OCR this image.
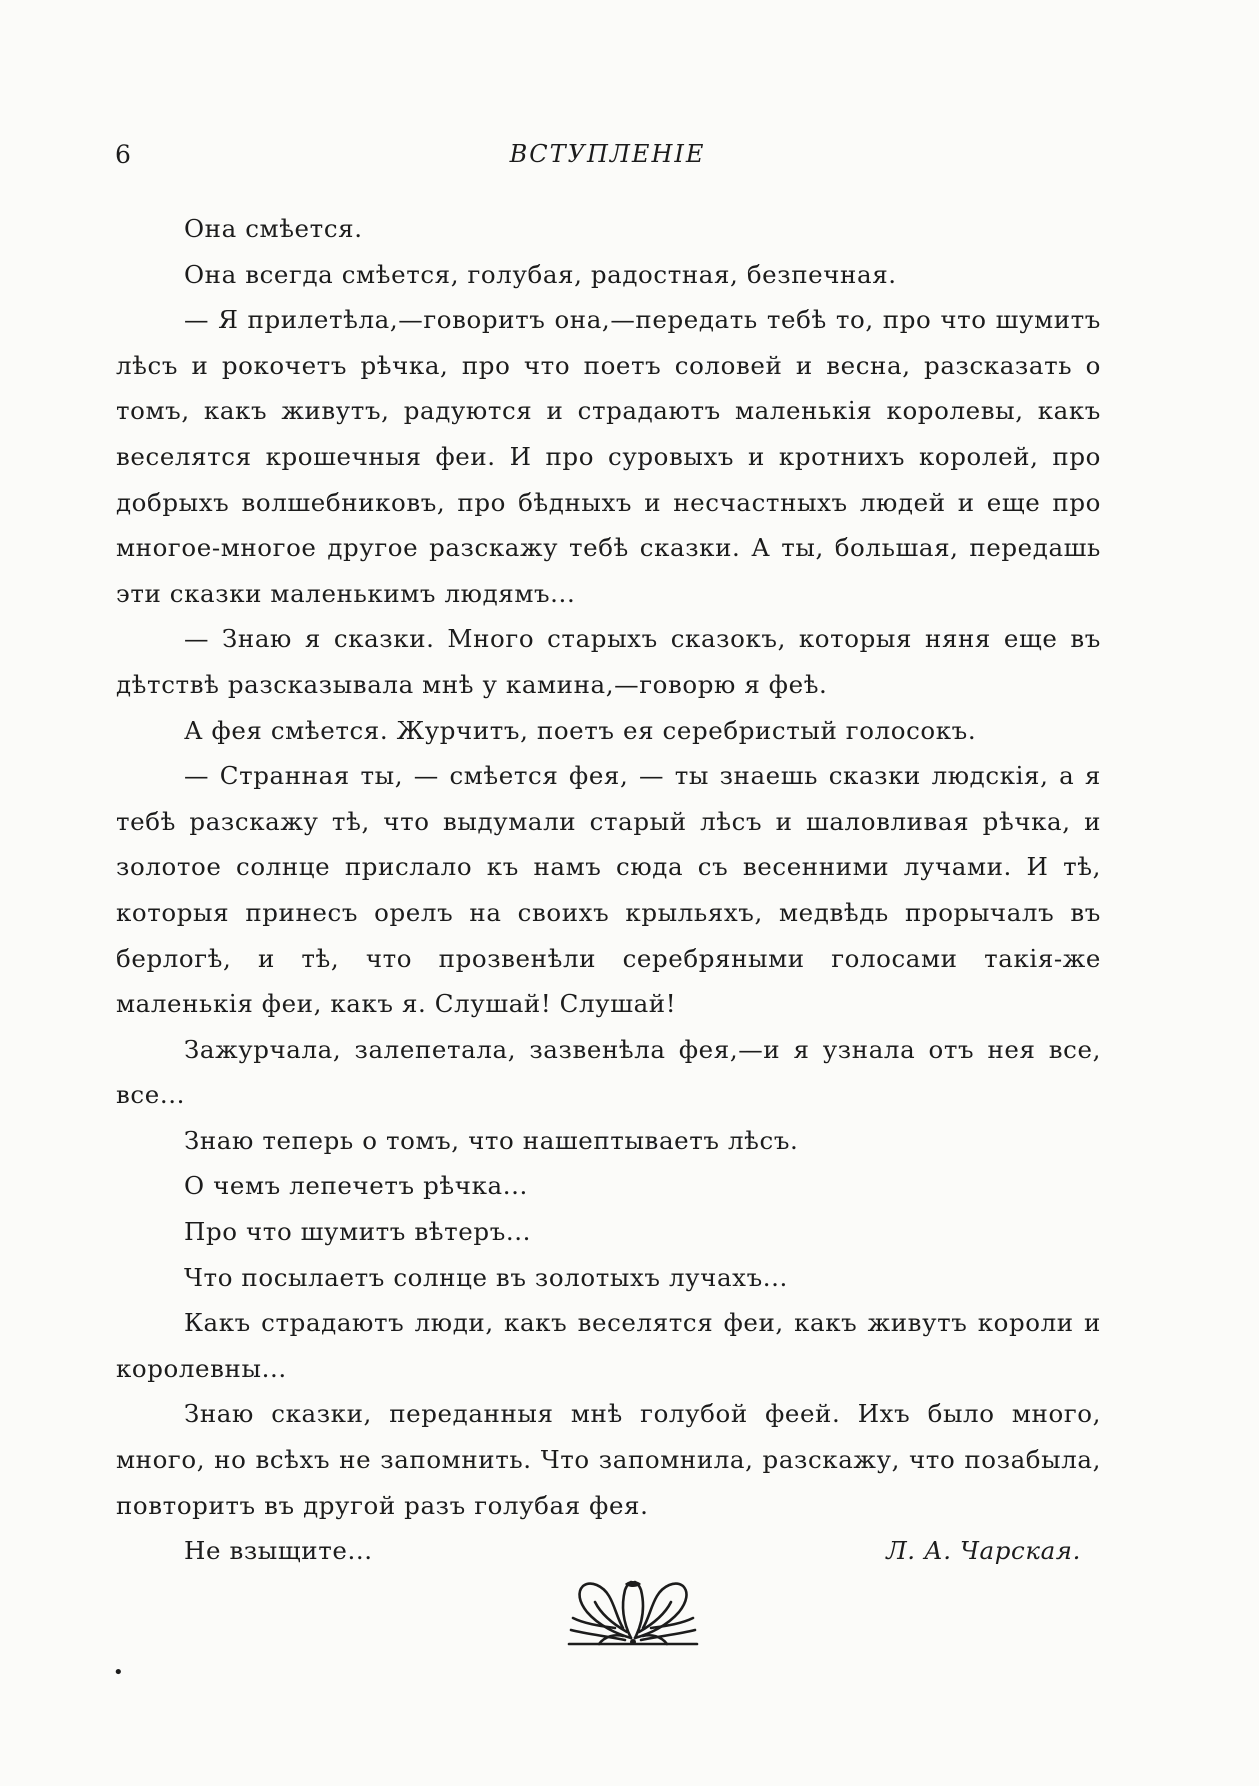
6	ВСТУПЛЕНІЕ

Она смѣется.

Она всегда смѣется, голубая, радостная, безпечная.

— Я прилетѣла,—говоритъ она,—передать тебѣ то, про что шумитъ лѣсъ и рокочетъ рѣчка, про что поетъ соловей и весна, разсказать о томъ, какъ живутъ, радуются и страдаютъ маленькія королевы, какъ веселятся крошечныя феи. И про суровыхъ и кротнихъ королей, про добрыхъ волшебниковъ, про бѣдныхъ и несчастныхъ людей и еще про многое-многое другое разскажу тебѣ сказки. А ты, большая, передашь эти сказки маленькимъ людямъ...

— Знаю я сказки. Много старыхъ сказокъ, которыя няня еще въ дѣтствѣ разсказывала мнѣ у камина,—говорю я феѣ.

А фея смѣется. Журчитъ, поетъ ея серебристый голосокъ.

— Странная ты, — смѣется фея, — ты знаешь сказки людскія, а я тебѣ разскажу тѣ, что выдумали старый лѣсъ и шаловливая рѣчка, и золотое солнце прислало къ намъ сюда съ весенними лучами. И тѣ, которыя принесъ орелъ на своихъ крыльяхъ, медвѣдь прорычалъ въ берлогѣ, и тѣ, что прозвенѣли серебряными голосами такія-же маленькія феи, какъ я. Слушай! Слушай!

Зажурчала, залепетала, зазвенѣла фея,—и я узнала отъ нея все, все...

Знаю теперь о томъ, что нашептываетъ лѣсъ.

О чемъ лепечетъ рѣчка...

Про что шумитъ вѣтеръ...

Что посылаетъ солнце въ золотыхъ лучахъ...

Какъ страдаютъ люди, какъ веселятся феи, какъ живутъ короли и королевны...

Знаю сказки, переданныя мнѣ голубой феей. Ихъ было много, много, но всѣхъ не запомнить. Что запомнила, разскажу, что позабыла, повторитъ въ другой разъ голубая фея.

Не взыщите...	Л. А. Чарская.
•
